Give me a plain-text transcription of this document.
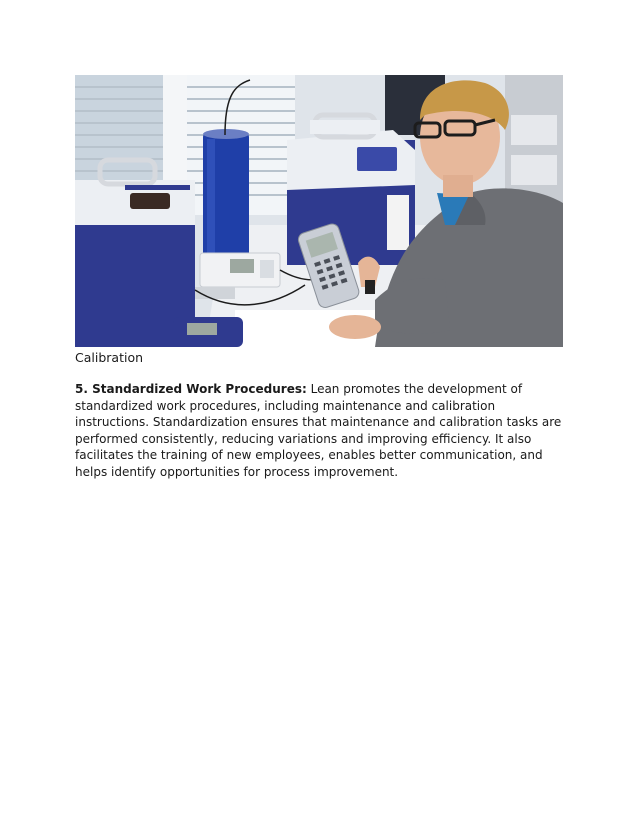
Calibration
5. Standardized Work Procedures: Lean promotes the development of standardized work procedures, including maintenance and calibration instructions. Standardization ensures that maintenance and calibration tasks are performed consistently, reducing variations and improving efficiency. It also facilitates the training of new employees, enables better communication, and helps identify opportunities for process improvement.
